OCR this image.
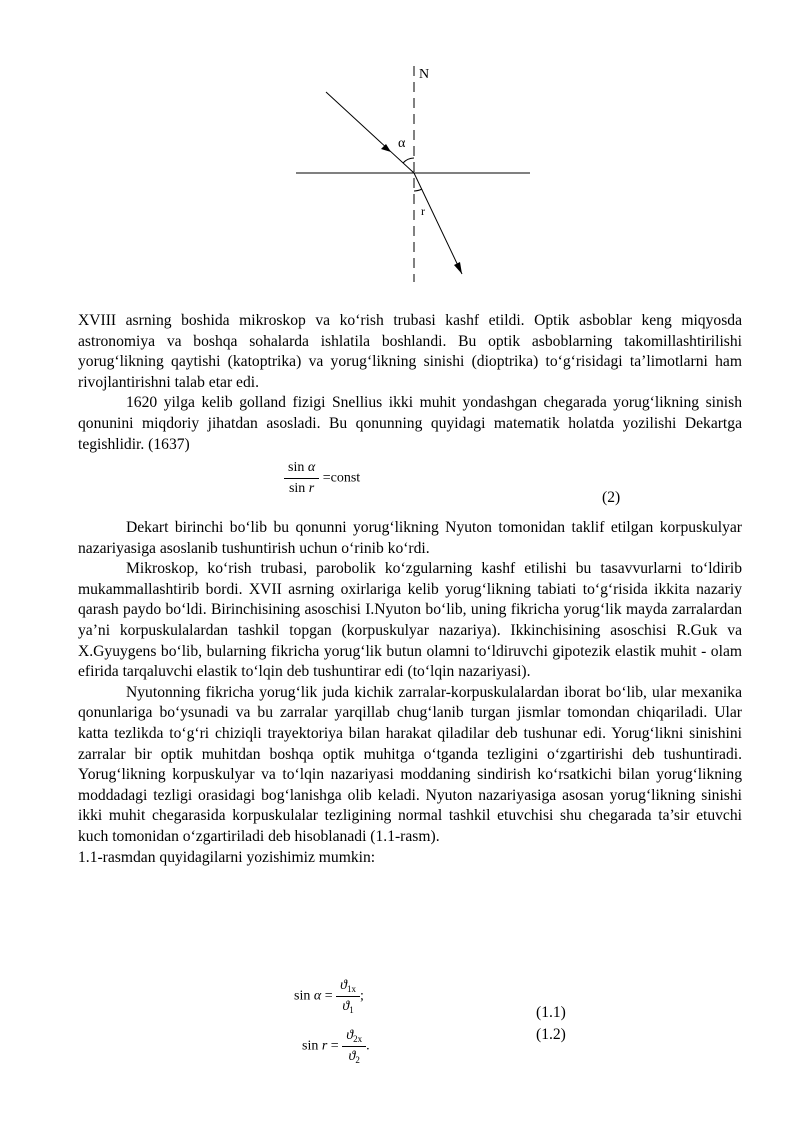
N
α
r

XVIII asrning boshida mikroskop va ko‘rish trubasi kashf etildi. Optik asboblar keng miqyosda astronomiya va boshqa sohalarda ishlatila boshlandi. Bu optik asboblarning takomillashtirilishi yorug‘likning qaytishi (katoptrika) va yorug‘likning sinishi (dioptrika) to‘g‘risidagi ta’limotlarni ham rivojlantirishni talab etar edi.

1620 yilga kelib golland fizigi Snellius ikki muhit yondashgan chegarada yorug‘likning sinish qonunini miqdoriy jihatdan asosladi. Bu qonunning quyidagi matematik holatda yozilishi Dekartga tegishlidir. (1637)

$\frac{\text{sin α}}{\text{sin r}}$ =const
(2)

Dekart birinchi bo‘lib bu qonunni yorug‘likning Nyuton tomonidan taklif etilgan korpuskulyar nazariyasiga asoslanib tushuntirish uchun o‘rinib ko‘rdi.

Mikroskop, ko‘rish trubasi, parobolik ko‘zgularning kashf etilishi bu tasavvurlarni to‘ldirib mukammallashtirib bordi. XVII asrning oxirlariga kelib yorug‘likning tabiati to‘g‘risida ikkita nazariy qarash paydo bo‘ldi. Birinchisining asoschisi I.Nyuton bo‘lib, uning fikricha yorug‘lik mayda zarralardan ya’ni korpuskulalardan tashkil topgan (korpuskulyar nazariya). Ikkinchisining asoschisi R.Guk va X.Gyuygens bo‘lib, bularning fikricha yorug‘lik butun olamni to‘ldiruvchi gipotezik elastik muhit - olam efirida tarqaluvchi elastik to‘lqin deb tushuntirar edi (to‘lqin nazariyasi).

Nyutonning fikricha yorug‘lik juda kichik zarralar-korpuskulalardan iborat bo‘lib, ular mexanika qonunlariga bo‘ysunadi va bu zarralar yarqillab chug‘lanib turgan jismlar tomondan chiqariladi. Ular katta tezlikda to‘g‘ri chiziqli trayektoriya bilan harakat qiladilar deb tushunar edi. Yorug‘likni sinishini zarralar bir optik muhitdan boshqa optik muhitga o‘tganda tezligini o‘zgartirishi deb tushuntiradi. Yorug‘likning korpuskulyar va to‘lqin nazariyasi moddaning sindirish ko‘rsatkichi bilan yorug‘likning moddadagi tezligi orasidagi bog‘lanishga olib keladi. Nyuton nazariyasiga asosan yorug‘likning sinishi ikki muhit chegarasida korpuskulalar tezligining normal tashkil etuvchisi shu chegarada ta’sir etuvchi kuch tomonidan o‘zgartiriladi deb hisoblanadi (1.1-rasm).

1.1-rasmdan quyidagilarni yozishimiz mumkin:

$\sin \alpha = \frac{ϑ_{1x}}{ϑ_1}$ ;
(1.1)
$\sin r = \frac{ϑ_{2x}}{ϑ_2}$ .
(1.2)
